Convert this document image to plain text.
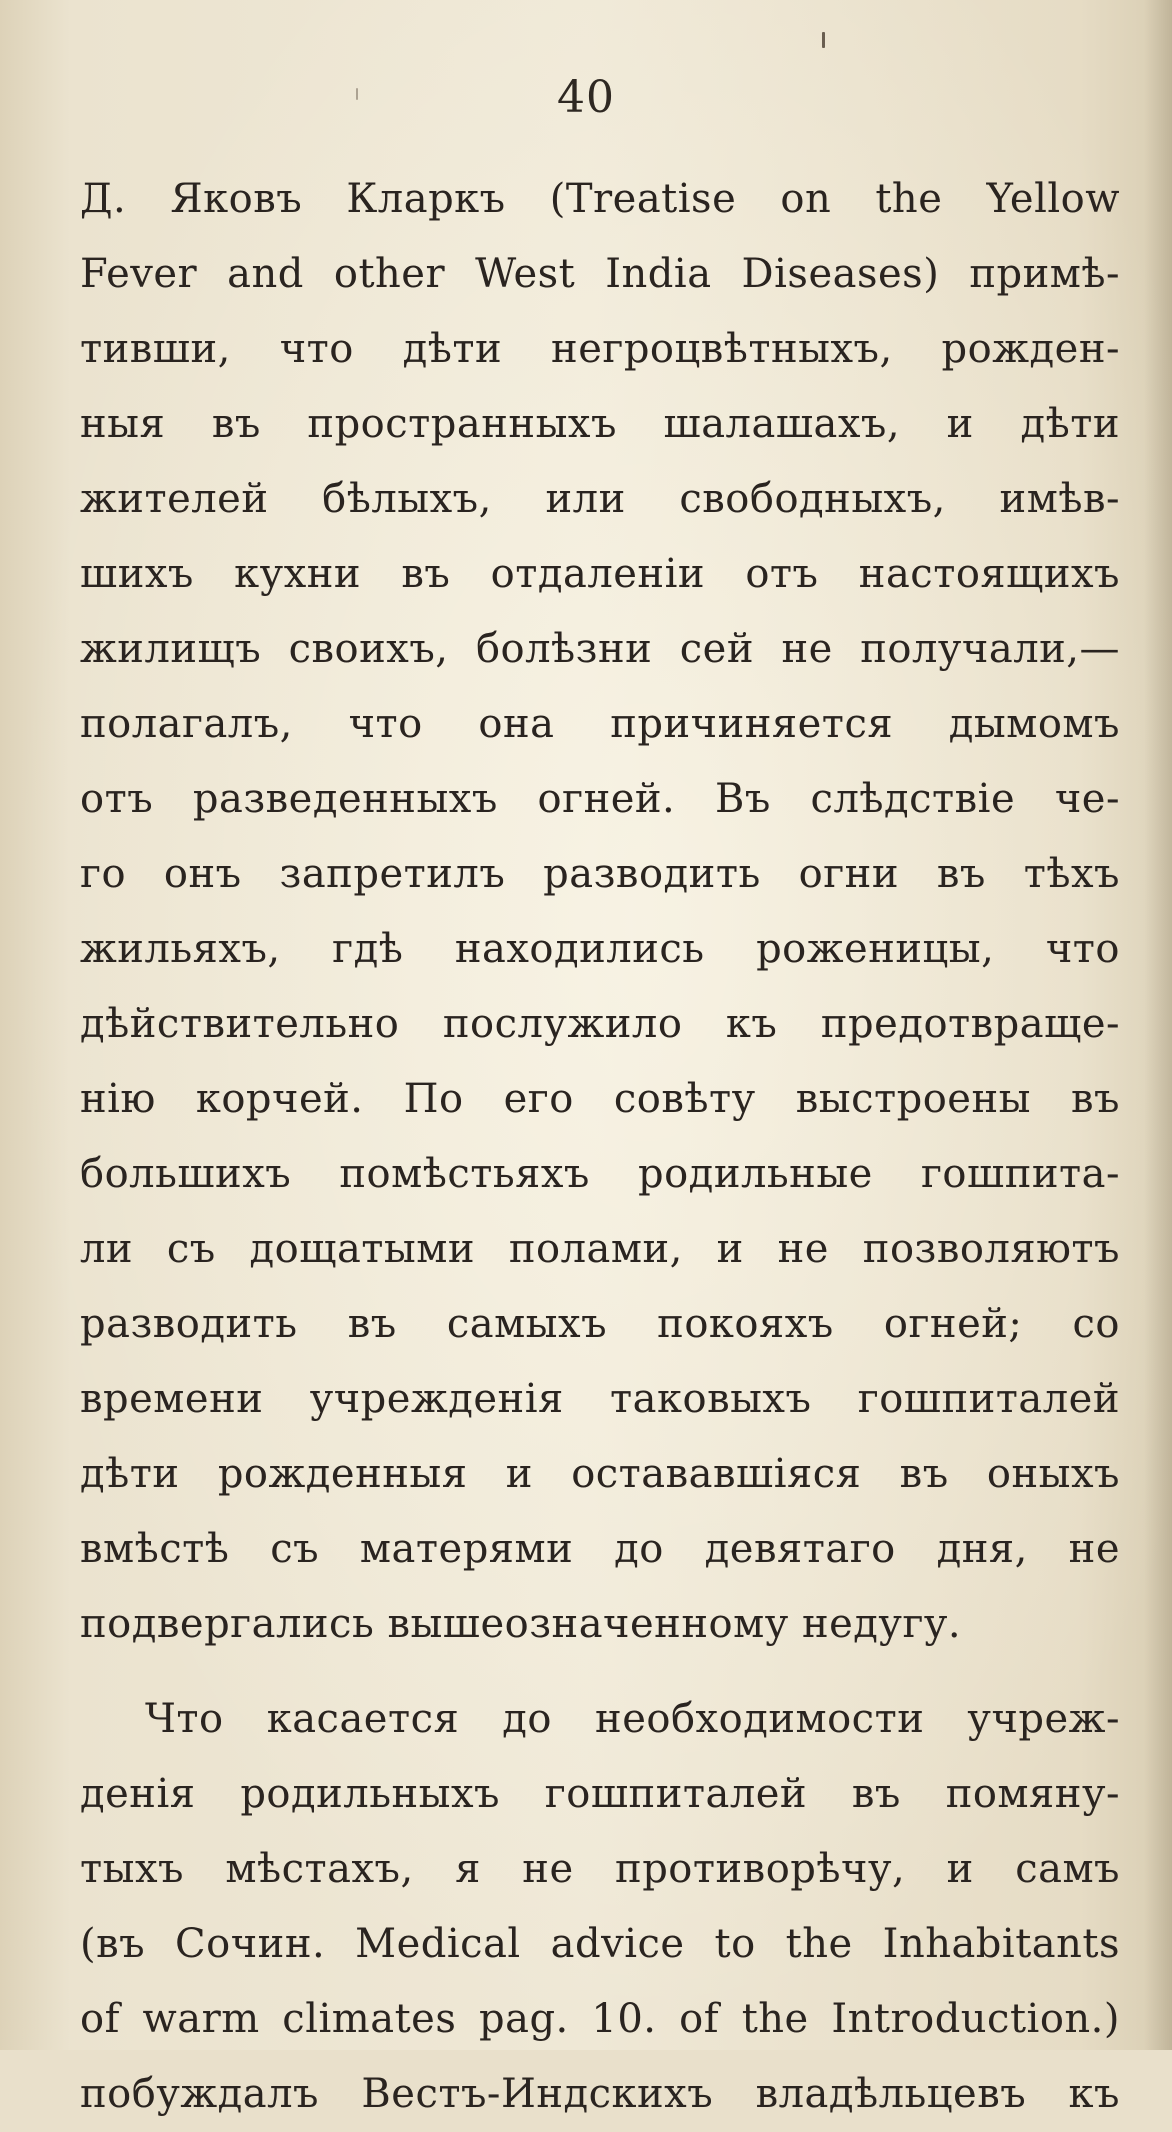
40
Д. Яковъ Кларкъ (Treatise on the Yellow
Fever and other West India Diseases) примѣ-
тивши, что дѣти негроцвѣтныхъ, рожден-
ныя въ пространныхъ шалашахъ, и дѣти
жителей бѣлыхъ, или свободныхъ, имѣв-
шихъ кухни въ отдаленіи отъ настоящихъ
жилищъ своихъ, болѣзни сей не получали,—
полагалъ, что она причиняется дымомъ
отъ разведенныхъ огней. Въ слѣдствіе че-
го онъ запретилъ разводить огни въ тѣхъ
жильяхъ, гдѣ находились роженицы, что
дѣйствительно послужило къ предотвраще-
нію корчей. По его совѣту выстроены въ
большихъ помѣстьяхъ родильные гошпита-
ли съ дощатыми полами, и не позволяютъ
разводить въ самыхъ покояхъ огней; со
времени учрежденія таковыхъ гошпиталей
дѣти рожденныя и остававшіяся въ оныхъ
вмѣстѣ съ матерями до девятаго дня, не
подвергались вышеозначенному недугу.
Что касается до необходимости учреж-
денія родильныхъ гошпиталей въ помяну-
тыхъ мѣстахъ, я не противорѣчу, и самъ
(въ Сочин. Medical advice to the Inhabitants
of warm climates pag. 10. of the Introduction.)
побуждалъ Вестъ-Индскихъ владѣльцевъ къ
